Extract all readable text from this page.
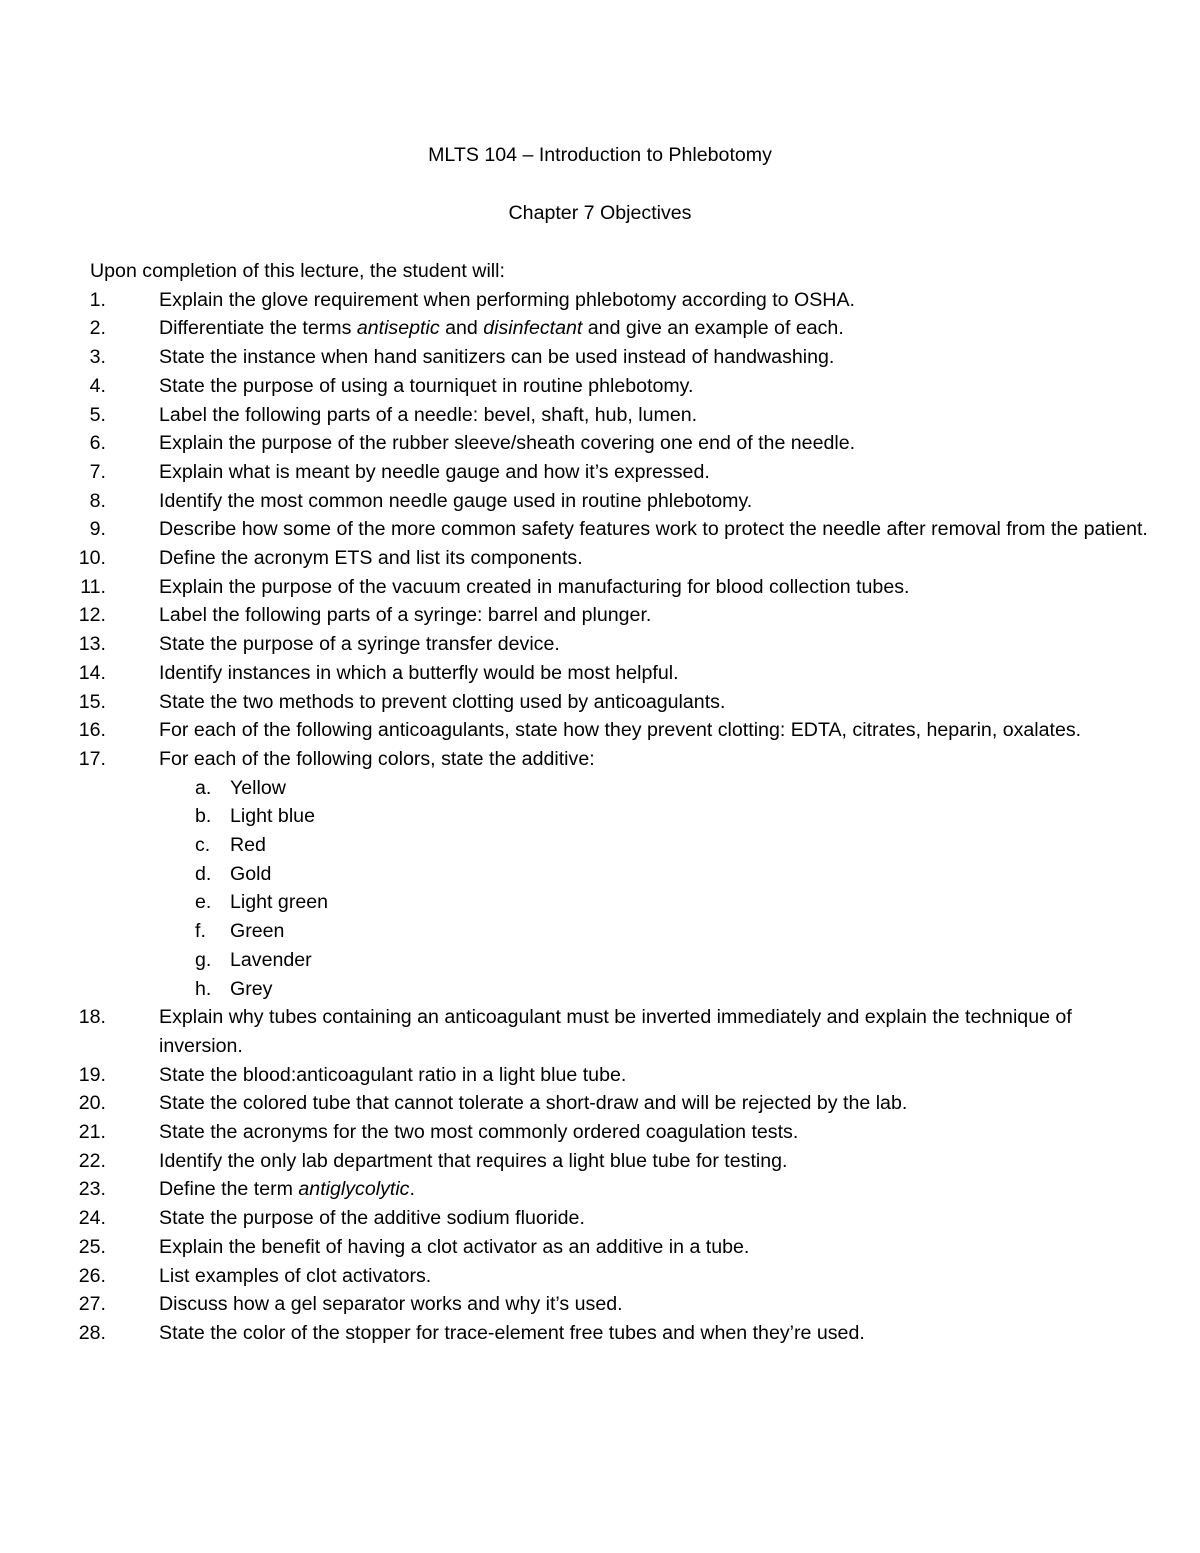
MLTS 104 – Introduction to Phlebotomy
Chapter 7 Objectives
Upon completion of this lecture, the student will:
1.	Explain the glove requirement when performing phlebotomy according to OSHA.
2.	Differentiate the terms antiseptic and disinfectant and give an example of each.
3.	State the instance when hand sanitizers can be used instead of handwashing.
4.	State the purpose of using a tourniquet in routine phlebotomy.
5.	Label the following parts of a needle: bevel, shaft, hub, lumen.
6.	Explain the purpose of the rubber sleeve/sheath covering one end of the needle.
7.	Explain what is meant by needle gauge and how it’s expressed.
8.	Identify the most common needle gauge used in routine phlebotomy.
9.	Describe how some of the more common safety features work to protect the needle after removal from the patient.
10.	Define the acronym ETS and list its components.
11.	Explain the purpose of the vacuum created in manufacturing for blood collection tubes.
12.	Label the following parts of a syringe: barrel and plunger.
13.	State the purpose of a syringe transfer device.
14.	Identify instances in which a butterfly would be most helpful.
15.	State the two methods to prevent clotting used by anticoagulants.
16.	For each of the following anticoagulants, state how they prevent clotting: EDTA, citrates, heparin, oxalates.
17.	For each of the following colors, state the additive:
a. Yellow
b. Light blue
c. Red
d. Gold
e. Light green
f. Green
g. Lavender
h. Grey
18.	Explain why tubes containing an anticoagulant must be inverted immediately and explain the technique of inversion.
19.	State the blood:anticoagulant ratio in a light blue tube.
20.	State the colored tube that cannot tolerate a short-draw and will be rejected by the lab.
21.	State the acronyms for the two most commonly ordered coagulation tests.
22.	Identify the only lab department that requires a light blue tube for testing.
23.	Define the term antiglycolytic.
24.	State the purpose of the additive sodium fluoride.
25.	Explain the benefit of having a clot activator as an additive in a tube.
26.	List examples of clot activators.
27.	Discuss how a gel separator works and why it’s used.
28.	State the color of the stopper for trace-element free tubes and when they’re used.
